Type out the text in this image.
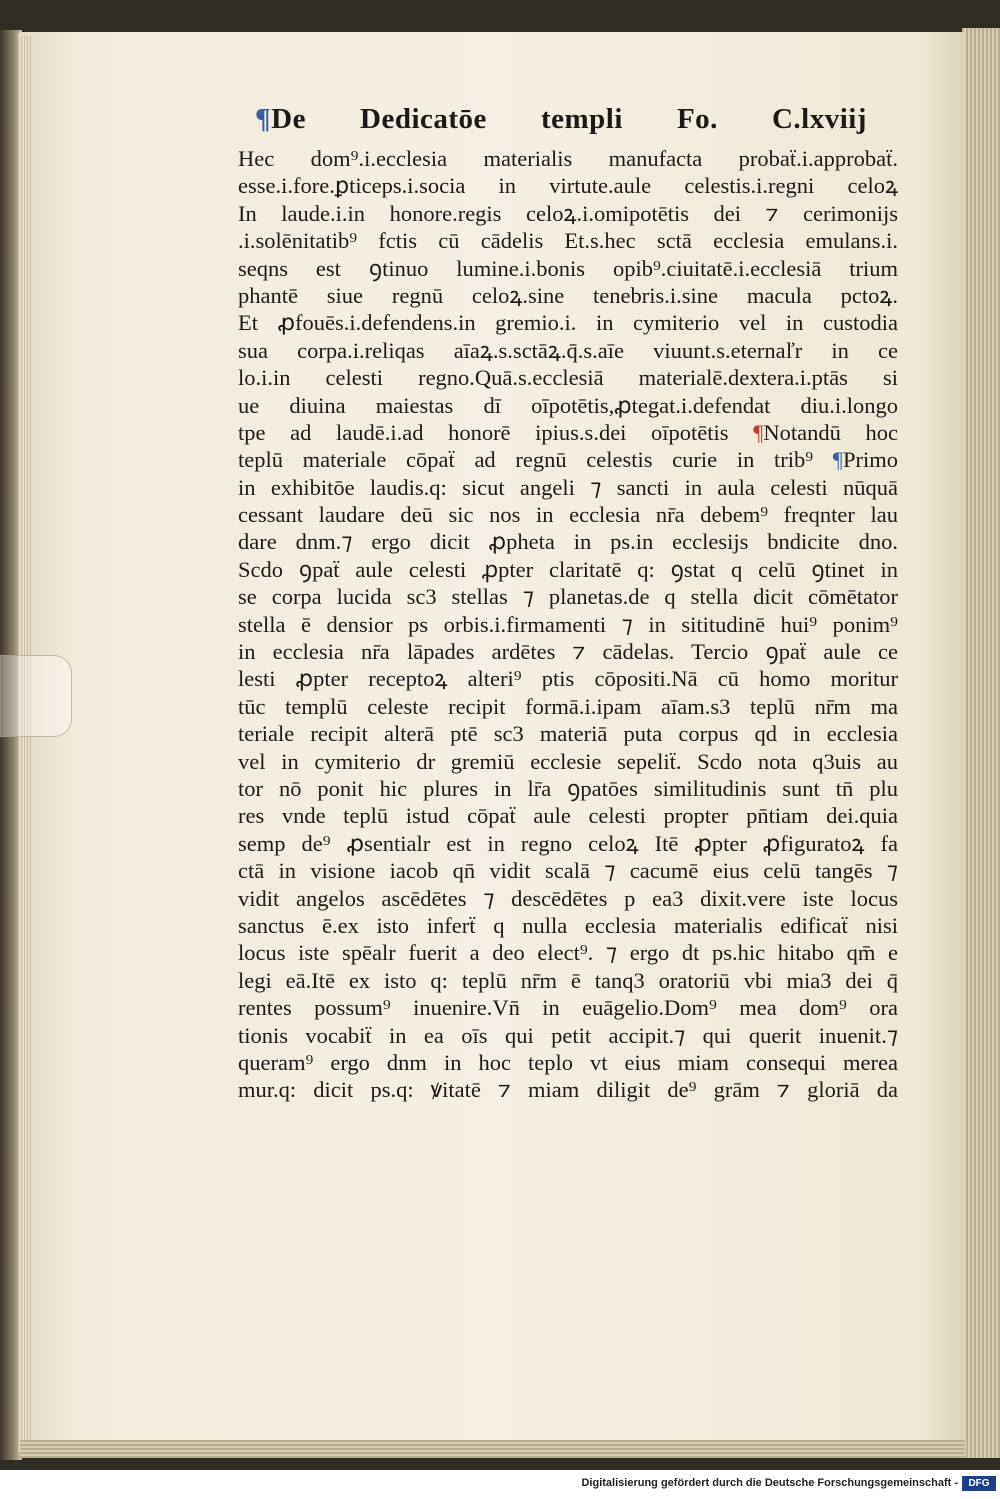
¶De Dedicatōe templi Fo. C.lxviij
Hec dom⁹.i.ecclesia materialis manufacta probaẗ.i.approbaẗ.
esse.i.fore.ꝑticeps.i.socia in virtute.aule celestis.i.regni celoꝝ
In laude.i.in honore.regis celoꝝ.i.omipotētis dei ⁊ cerimonijs
.i.solēnitatib⁹ fctis cū cādelis Et.s.hec sctā ecclesia emulans.i.
seqns est ꝯtinuo lumine.i.bonis opib⁹.ciuitatē.i.ecclesiā trium
phantē siue regnū celoꝝ.sine tenebris.i.sine macula pctoꝝ.
Et ꝓfouēs.i.defendens.in gremio.i. in cymiterio vel in custodia
sua corpa.i.reliqas aīaꝝ.s.sctāꝝ.q̄.s.aīe viuunt.s.eternaľr in ce
lo.i.in celesti regno.Quā.s.ecclesiā materialē.dextera.i.ptās si
ue diuina maiestas dī oīpotētis,ꝓtegat.i.defendat diu.i.longo
tpe ad laudē.i.ad honorē ipius.s.dei oīpotētis ¶Notandū hoc
teplū materiale cōpaẗ ad regnū celestis curie in trib⁹ ¶Primo
in exhibitōe laudis.q: sicut angeli ⁊ sancti in aula celesti nūquā
cessant laudare deū sic nos in ecclesia nr̄a debem⁹ freqnter lau
dare dnm.⁊ ergo dicit ꝓpheta in ps.in ecclesijs bndicite dno.
Scdo ꝯpaẗ aule celesti ꝓpter claritatē q: ꝯstat q celū ꝯtinet in
se corpa lucida sc3 stellas ⁊ planetas.de q stella dicit cōmētator
stella ē densior ps orbis.i.firmamenti ⁊ in sititudinē hui⁹ ponim⁹
in ecclesia nr̄a lāpades ardētes ⁊ cādelas. Tercio ꝯpaẗ aule ce
lesti ꝓpter receptoꝝ alteri⁹ ptis cōpositi.Nā cū homo moritur
tūc templū celeste recipit formā.i.ipam aīam.s3 teplū nr̄m ma
teriale recipit alterā ptē sc3 materiā puta corpus qd in ecclesia
vel in cymiterio dr gremiū ecclesie sepeliẗ. Scdo nota q3uis au
tor nō ponit hic plures in lr̄a ꝯpatōes similitudinis sunt tn̄ plu
res vnde teplū istud cōpaẗ aule celesti propter pn̄tiam dei.quia
semp de⁹ ꝓsentialr est in regno celoꝝ Itē ꝓpter ꝓfiguratoꝝ fa
ctā in visione iacob qn̄ vidit scalā ⁊ cacumē eius celū tangēs ⁊
vidit angelos ascēdētes ⁊ descēdētes p ea3 dixit.vere iste locus
sanctus ē.ex isto inferẗ q nulla ecclesia materialis edificaẗ nisi
locus iste spēalr fuerit a deo elect⁹. ⁊ ergo dt ps.hic hitabo qm̄ e
legi eā.Itē ex isto q: teplū nr̄m ē tanq3 oratoriū vbi mia3 dei q̄
rentes possum⁹ inuenire.Vn̄ in euāgelio.Dom⁹ mea dom⁹ ora
tionis vocabiẗ in ea oīs qui petit accipit.⁊ qui querit inuenit.⁊
queram⁹ ergo dnm in hoc teplo vt eius miam consequi merea
mur.q: dicit ps.q: ꝟitatē ⁊ miam diligit de⁹ grām ⁊ gloriā da
Digitalisierung gefördert durch die Deutsche Forschungsgemeinschaft -	DFG
